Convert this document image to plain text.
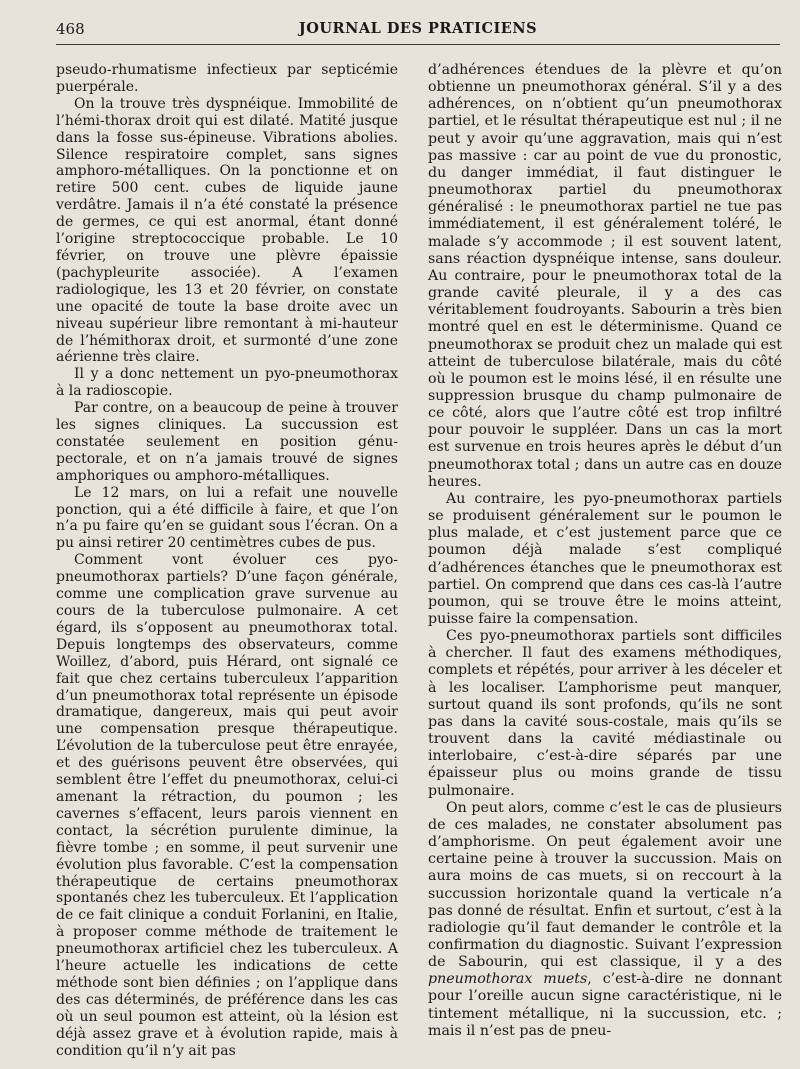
468	JOURNAL DES PRATICIENS

pseudo-rhumatisme infectieux par septicémie puerpérale.

On la trouve très dyspnéique. Immobilité de l’hémi-thorax droit qui est dilaté. Matité jusque dans la fosse sus-épineuse. Vibrations abolies. Silence respiratoire complet, sans signes amphoro-métalliques. On la ponctionne et on retire 500 cent. cubes de liquide jaune verdâtre. Jamais il n’a été constaté la présence de germes, ce qui est anormal, étant donné l’origine streptococcique probable. Le 10 février, on trouve une plèvre épaissie (pachypleurite associée). A l’examen radiologique, les 13 et 20 février, on constate une opacité de toute la base droite avec un niveau supérieur libre remontant à mi-hauteur de l’hémithorax droit, et surmonté d’une zone aérienne très claire.

Il y a donc nettement un pyo-pneumothorax à la radioscopie.

Par contre, on a beaucoup de peine à trouver les signes cliniques. La succussion est constatée seulement en position génu-pectorale, et on n’a jamais trouvé de signes amphoriques ou amphoro-métalliques.

Le 12 mars, on lui a refait une nouvelle ponction, qui a été difficile à faire, et que l’on n’a pu faire qu’en se guidant sous l’écran. On a pu ainsi retirer 20 centimètres cubes de pus.

Comment vont évoluer ces pyo-pneumothorax partiels? D’une façon générale, comme une complication grave survenue au cours de la tuberculose pulmonaire. A cet égard, ils s’opposent au pneumothorax total. Depuis longtemps des observateurs, comme Woillez, d’abord, puis Hérard, ont signalé ce fait que chez certains tuberculeux l’apparition d’un pneumothorax total représente un épisode dramatique, dangereux, mais qui peut avoir une compensation presque thérapeutique. L’évolution de la tuberculose peut être enrayée, et des guérisons peuvent être observées, qui semblent être l’effet du pneumothorax, celui-ci amenant la rétraction, du poumon ; les cavernes s’effacent, leurs parois viennent en contact, la sécrétion purulente diminue, la fièvre tombe ; en somme, il peut survenir une évolution plus favorable. C’est la compensation thérapeutique de certains pneumothorax spontanés chez les tuberculeux. Et l’application de ce fait clinique a conduit Forlanini, en Italie, à proposer comme méthode de traitement le pneumothorax artificiel chez les tuberculeux. A l’heure actuelle les indications de cette méthode sont bien définies ; on l’applique dans des cas déterminés, de préférence dans les cas où un seul poumon est atteint, où la lésion est déjà assez grave et à évolution rapide, mais à condition qu’il n’y ait pas

d’adhérences étendues de la plèvre et qu’on obtienne un pneumothorax général. S’il y a des adhérences, on n’obtient qu’un pneumothorax partiel, et le résultat thérapeutique est nul ; il ne peut y avoir qu’une aggravation, mais qui n’est pas massive : car au point de vue du pronostic, du danger immédiat, il faut distinguer le pneumothorax partiel du pneumothorax généralisé : le pneumothorax partiel ne tue pas immédiatement, il est généralement toléré, le malade s’y accommode ; il est souvent latent, sans réaction dyspnéique intense, sans douleur. Au contraire, pour le pneumothorax total de la grande cavité pleurale, il y a des cas véritablement foudroyants. Sabourin a très bien montré quel en est le déterminisme. Quand ce pneumothorax se produit chez un malade qui est atteint de tuberculose bilatérale, mais du côté où le poumon est le moins lésé, il en résulte une suppression brusque du champ pulmonaire de ce côté, alors que l’autre côté est trop infiltré pour pouvoir le suppléer. Dans un cas la mort est survenue en trois heures après le début d’un pneumothorax total ; dans un autre cas en douze heures.

Au contraire, les pyo-pneumothorax partiels se produisent généralement sur le poumon le plus malade, et c’est justement parce que ce poumon déjà malade s’est compliqué d’adhérences étanches que le pneumothorax est partiel. On comprend que dans ces cas-là l’autre poumon, qui se trouve être le moins atteint, puisse faire la compensation.

Ces pyo-pneumothorax partiels sont difficiles à chercher. Il faut des examens méthodiques, complets et répétés, pour arriver à les déceler et à les localiser. L’amphorisme peut manquer, surtout quand ils sont profonds, qu’ils ne sont pas dans la cavité sous-costale, mais qu’ils se trouvent dans la cavité médiastinale ou interlobaire, c’est-à-dire séparés par une épaisseur plus ou moins grande de tissu pulmonaire.

On peut alors, comme c’est le cas de plusieurs de ces malades, ne constater absolument pas d’amphorisme. On peut également avoir une certaine peine à trouver la succussion. Mais on aura moins de cas muets, si on reccourt à la succussion horizontale quand la verticale n’a pas donné de résultat. Enfin et surtout, c’est à la radiologie qu’il faut demander le contrôle et la confirmation du diagnostic. Suivant l’expression de Sabourin, qui est classique, il y a des pneumothorax muets, c’est-à-dire ne donnant pour l’oreille aucun signe caractéristique, ni le tintement métallique, ni la succussion, etc. ; mais il n’est pas de pneu-
